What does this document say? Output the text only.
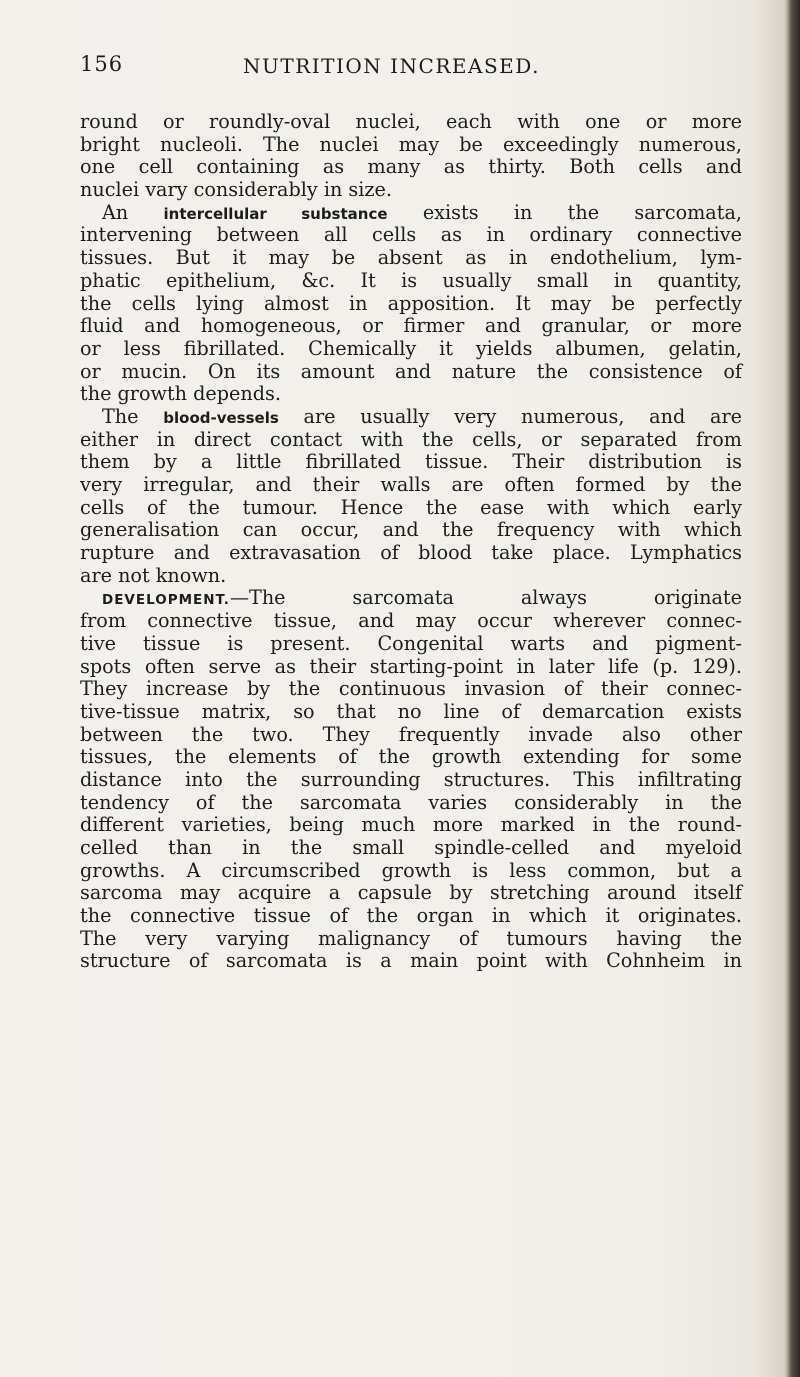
156	NUTRITION INCREASED.
round or roundly-oval nuclei, each with one or more
bright nucleoli. The nuclei may be exceedingly numerous,
one cell containing as many as thirty. Both cells and
nuclei vary considerably in size.
An intercellular substance exists in the sarcomata,
intervening between all cells as in ordinary connective
tissues. But it may be absent as in endothelium, lym-
phatic epithelium, &c. It is usually small in quantity,
the cells lying almost in apposition. It may be perfectly
fluid and homogeneous, or firmer and granular, or more
or less fibrillated. Chemically it yields albumen, gelatin,
or mucin. On its amount and nature the consistence of
the growth depends.
The blood-vessels are usually very numerous, and are
either in direct contact with the cells, or separated from
them by a little fibrillated tissue. Their distribution is
very irregular, and their walls are often formed by the
cells of the tumour. Hence the ease with which early
generalisation can occur, and the frequency with which
rupture and extravasation of blood take place. Lymphatics
are not known.
DEVELOPMENT.—The sarcomata always originate
from connective tissue, and may occur wherever connec-
tive tissue is present. Congenital warts and pigment-
spots often serve as their starting-point in later life (p. 129).
They increase by the continuous invasion of their connec-
tive-tissue matrix, so that no line of demarcation exists
between the two. They frequently invade also other
tissues, the elements of the growth extending for some
distance into the surrounding structures. This infiltrating
tendency of the sarcomata varies considerably in the
different varieties, being much more marked in the round-
celled than in the small spindle-celled and myeloid
growths. A circumscribed growth is less common, but a
sarcoma may acquire a capsule by stretching around itself
the connective tissue of the organ in which it originates.
The very varying malignancy of tumours having the
structure of sarcomata is a main point with Cohnheim in
